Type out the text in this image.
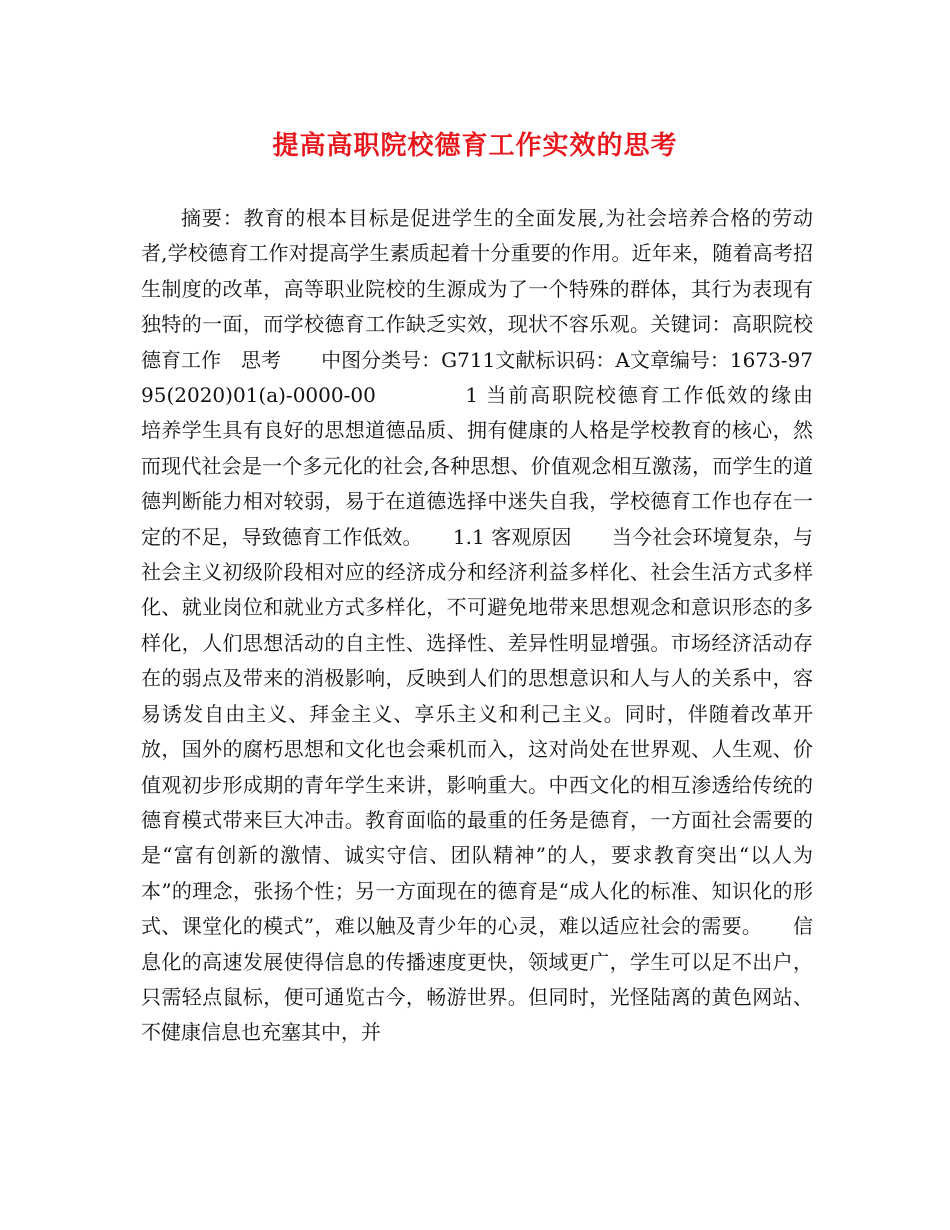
提高高职院校德育工作实效的思考

摘要：教育的根本目标是促进学生的全面发展,为社会培养合格的劳动者,学校德育工作对提高学生素质起着十分重要的作用。近年来，随着高考招生制度的改革，高等职业院校的生源成为了一个特殊的群体，其行为表现有独特的一面，而学校德育工作缺乏实效，现状不容乐观。关键词：高职院校　德育工作　思考　　中图分类号：G711文献标识码：A文章编号：1673-9795(2020)01(a)-0000-00　　　　1 当前高职院校德育工作低效的缘由　　培养学生具有良好的思想道德品质、拥有健康的人格是学校教育的核心，然而现代社会是一个多元化的社会,各种思想、价值观念相互激荡，而学生的道德判断能力相对较弱，易于在道德选择中迷失自我，学校德育工作也存在一定的不足，导致德育工作低效。　　1.1 客观原因　　当今社会环境复杂，与社会主义初级阶段相对应的经济成分和经济利益多样化、社会生活方式多样化、就业岗位和就业方式多样化，不可避免地带来思想观念和意识形态的多样化，人们思想活动的自主性、选择性、差异性明显增强。市场经济活动存在的弱点及带来的消极影响，反映到人们的思想意识和人与人的关系中，容易诱发自由主义、拜金主义、享乐主义和利己主义。同时，伴随着改革开放，国外的腐朽思想和文化也会乘机而入，这对尚处在世界观、人生观、价值观初步形成期的青年学生来讲，影响重大。中西文化的相互渗透给传统的德育模式带来巨大冲击。教育面临的最重的任务是德育，一方面社会需要的是“富有创新的激情、诚实守信、团队精神”的人，要求教育突出“以人为本”的理念，张扬个性；另一方面现在的德育是“成人化的标准、知识化的形式、课堂化的模式”，难以触及青少年的心灵，难以适应社会的需要。　　信息化的高速发展使得信息的传播速度更快，领域更广，学生可以足不出户，只需轻点鼠标，便可通览古今，畅游世界。但同时，光怪陆离的黄色网站、不健康信息也充塞其中，并
